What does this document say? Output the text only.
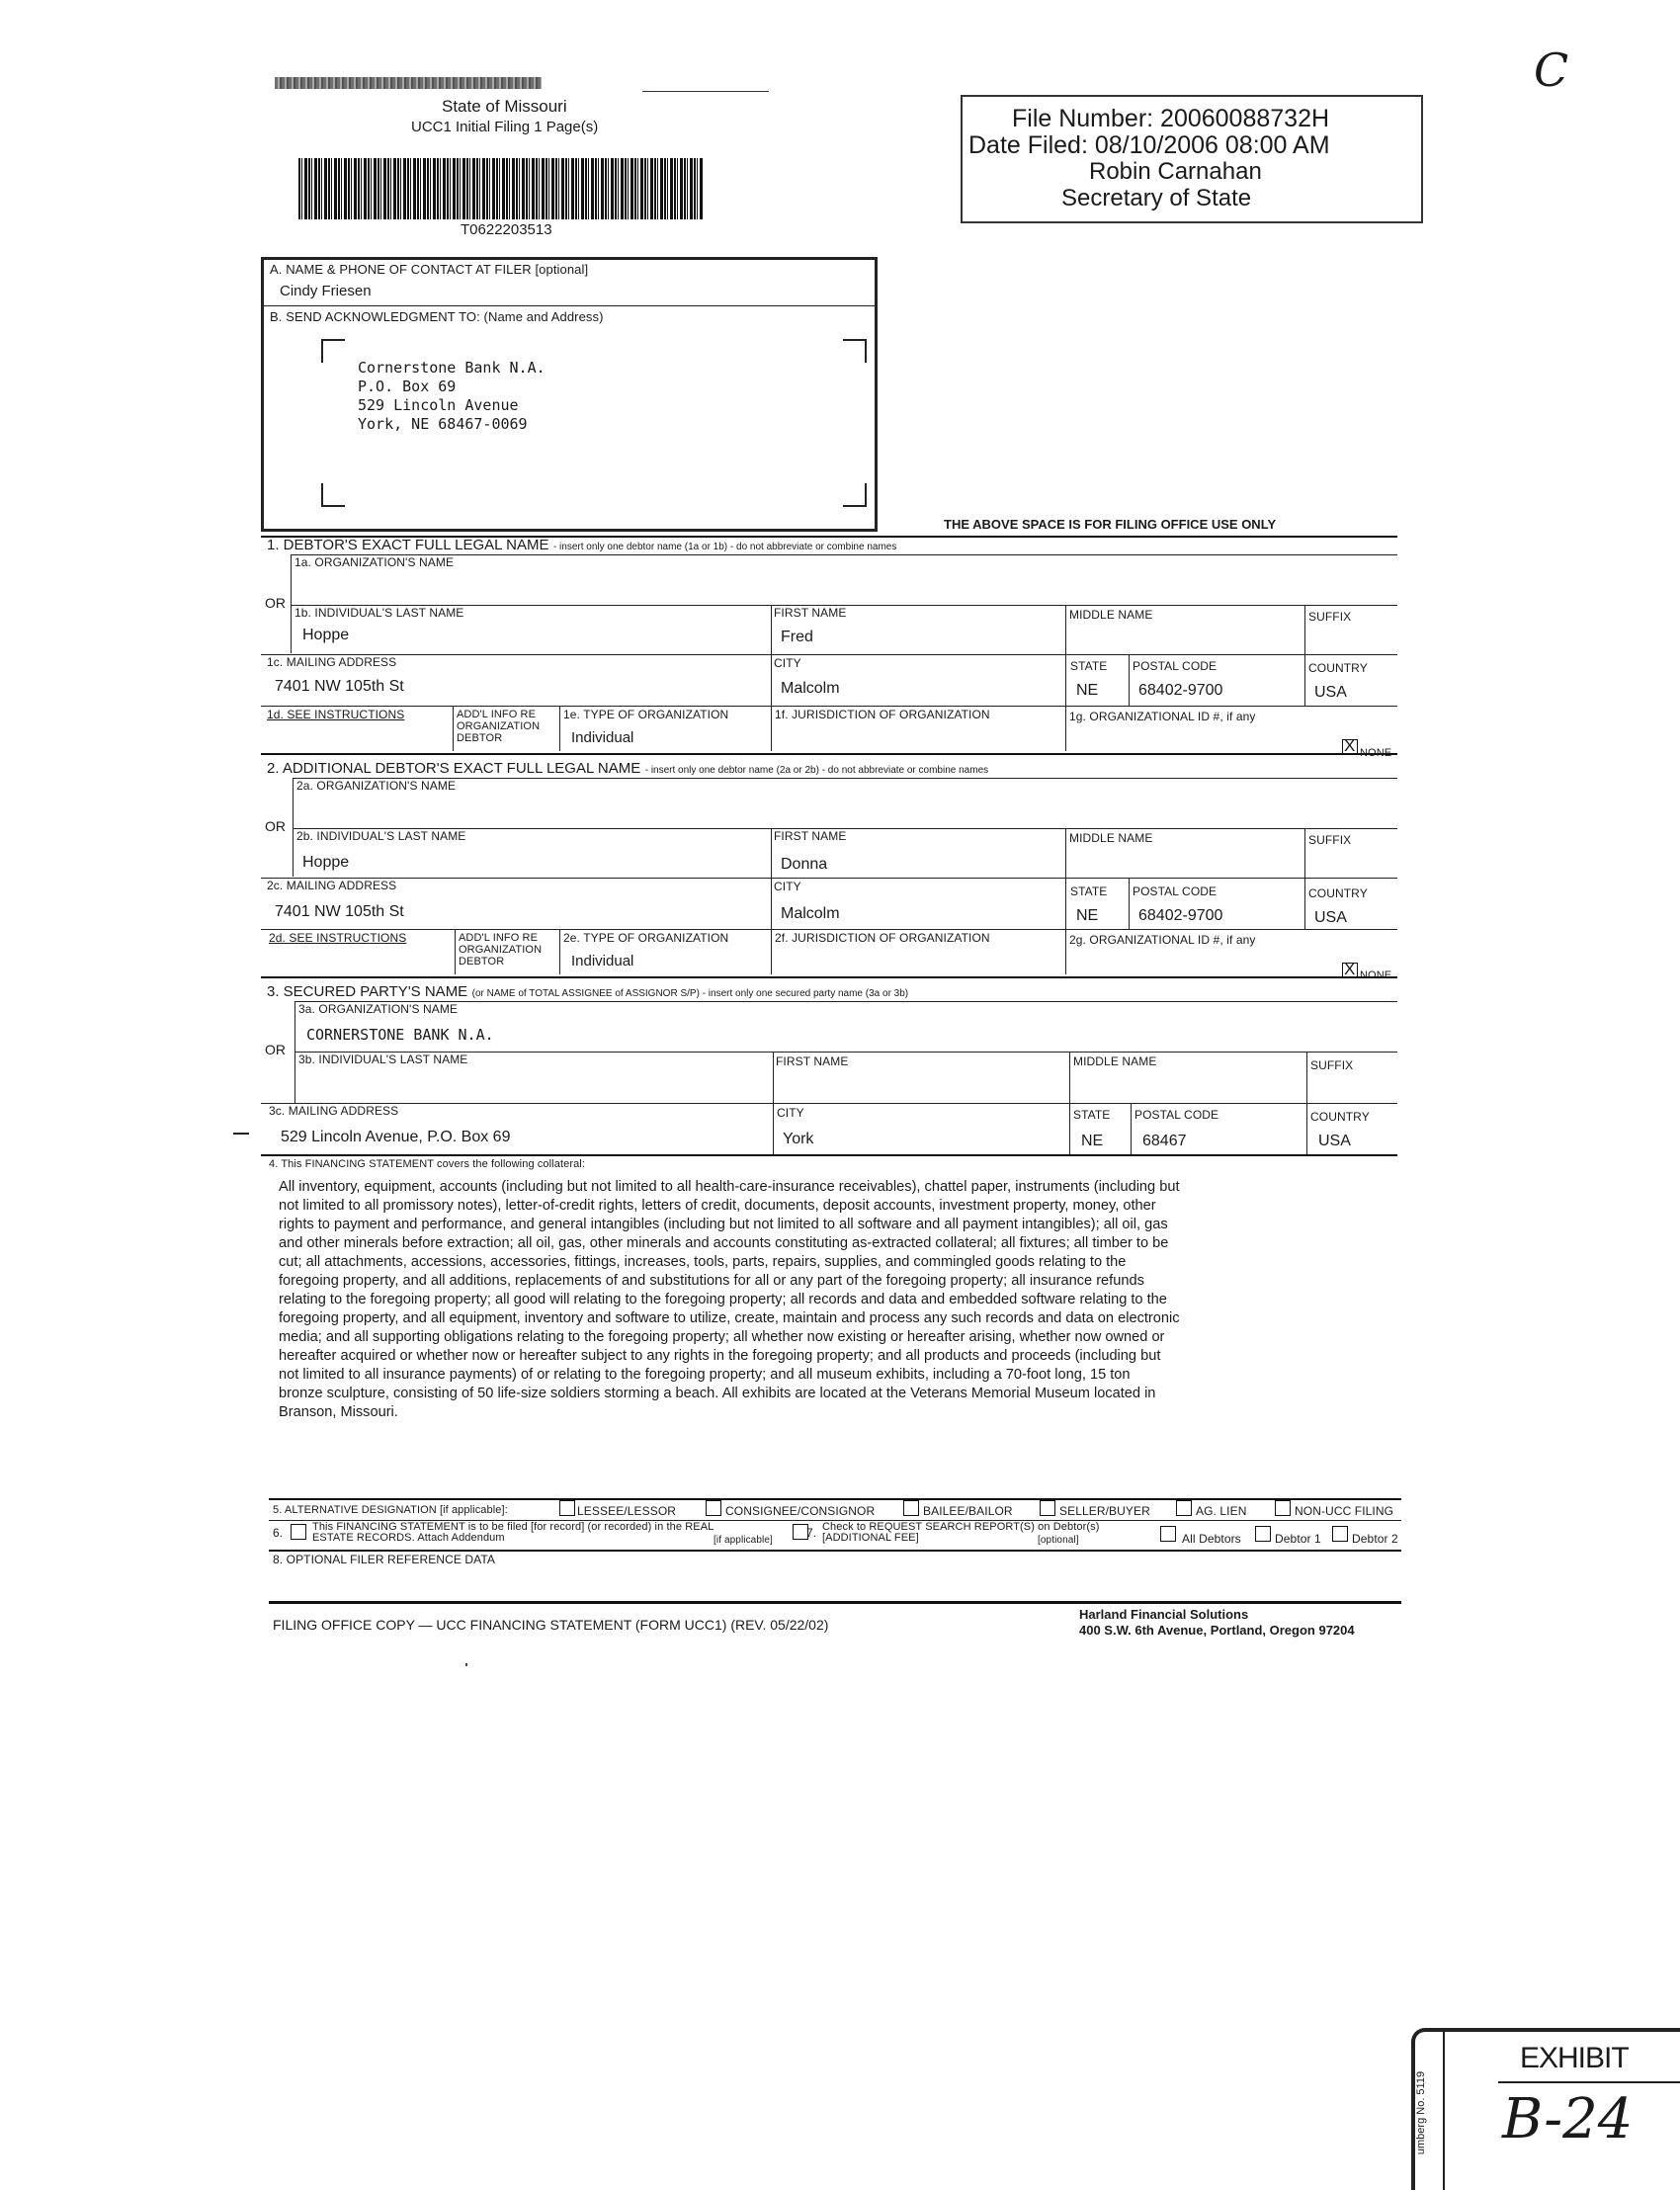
State of Missouri
UCC1 Initial Filing 1 Page(s)
T0622203513
C
File Number: 20060088732H
Date Filed: 08/10/2006 08:00 AM
Robin Carnahan
Secretary of State
A. NAME & PHONE OF CONTACT AT FILER [optional]
Cindy Friesen
B. SEND ACKNOWLEDGMENT TO: (Name and Address)
Cornerstone Bank N.A.
P.O. Box 69
529 Lincoln Avenue
York, NE 68467-0069
THE ABOVE SPACE IS FOR FILING OFFICE USE ONLY
1. DEBTOR'S EXACT FULL LEGAL NAME - insert only one debtor name (1a or 1b) - do not abbreviate or combine names
1a. ORGANIZATION'S NAME
OR
1b. INDIVIDUAL'S LAST NAME
Hoppe
FIRST NAME
Fred
MIDDLE NAME	SUFFIX
1c. MAILING ADDRESS
7401 NW 105th St
CITY
Malcolm
STATE
NE
POSTAL CODE
68402-9700
COUNTRY
USA
1d. SEE INSTRUCTIONS	ADD'L INFO RE ORGANIZATION DEBTOR
1e. TYPE OF ORGANIZATION
Individual
1f. JURISDICTION OF ORGANIZATION	1g. ORGANIZATIONAL ID #, if any
X NONE
2. ADDITIONAL DEBTOR'S EXACT FULL LEGAL NAME - insert only one debtor name (2a or 2b) - do not abbreviate or combine names
2a. ORGANIZATION'S NAME
OR
2b. INDIVIDUAL'S LAST NAME
Hoppe
FIRST NAME
Donna
MIDDLE NAME	SUFFIX
2c. MAILING ADDRESS
7401 NW 105th St
CITY
Malcolm
STATE
NE
POSTAL CODE
68402-9700
COUNTRY
USA
2d. SEE INSTRUCTIONS	ADD'L INFO RE ORGANIZATION DEBTOR
2e. TYPE OF ORGANIZATION
Individual
2f. JURISDICTION OF ORGANIZATION	2g. ORGANIZATIONAL ID #, if any
X NONE
3. SECURED PARTY'S NAME (or NAME of TOTAL ASSIGNEE of ASSIGNOR S/P) - insert only one secured party name (3a or 3b)
3a. ORGANIZATION'S NAME
CORNERSTONE BANK N.A.
OR
3b. INDIVIDUAL'S LAST NAME	FIRST NAME	MIDDLE NAME	SUFFIX
3c. MAILING ADDRESS
529 Lincoln Avenue, P.O. Box 69
CITY
York
STATE
NE
POSTAL CODE
68467
COUNTRY
USA
4. This FINANCING STATEMENT covers the following collateral:
All inventory, equipment, accounts (including but not limited to all health-care-insurance receivables), chattel paper, instruments (including but
not limited to all promissory notes), letter-of-credit rights, letters of credit, documents, deposit accounts, investment property, money, other
rights to payment and performance, and general intangibles (including but not limited to all software and all payment intangibles); all oil, gas
and other minerals before extraction; all oil, gas, other minerals and accounts constituting as-extracted collateral; all fixtures; all timber to be
cut; all attachments, accessions, accessories, fittings, increases, tools, parts, repairs, supplies, and commingled goods relating to the
foregoing property, and all additions, replacements of and substitutions for all or any part of the foregoing property; all insurance refunds
relating to the foregoing property; all good will relating to the foregoing property; all records and data and embedded software relating to the
foregoing property, and all equipment, inventory and software to utilize, create, maintain and process any such records and data on electronic
media; and all supporting obligations relating to the foregoing property; all whether now existing or hereafter arising, whether now owned or
hereafter acquired or whether now or hereafter subject to any rights in the foregoing property; and all products and proceeds (including but
not limited to all insurance payments) of or relating to the foregoing property; and all museum exhibits, including a 70-foot long, 15 ton
bronze sculpture, consisting of 50 life-size soldiers storming a beach. All exhibits are located at the Veterans Memorial Museum located in
Branson, Missouri.
5. ALTERNATIVE DESIGNATION [if applicable]:	LESSEE/LESSOR	CONSIGNEE/CONSIGNOR	BAILEE/BAILOR	SELLER/BUYER	AG. LIEN	NON-UCC FILING
6.	This FINANCING STATEMENT is to be filed [for record] (or recorded) in the REAL
ESTATE RECORDS. Attach Addendum	[if applicable]
7. Check to REQUEST SEARCH REPORT(S) on Debtor(s)
[ADDITIONAL FEE]	[optional]	All Debtors	Debtor 1	Debtor 2
8. OPTIONAL FILER REFERENCE DATA
FILING OFFICE COPY — UCC FINANCING STATEMENT (FORM UCC1) (REV. 05/22/02)
Harland Financial Solutions
400 S.W. 6th Avenue, Portland, Oregon 97204
umberg No. 5119
EXHIBIT
B-24
